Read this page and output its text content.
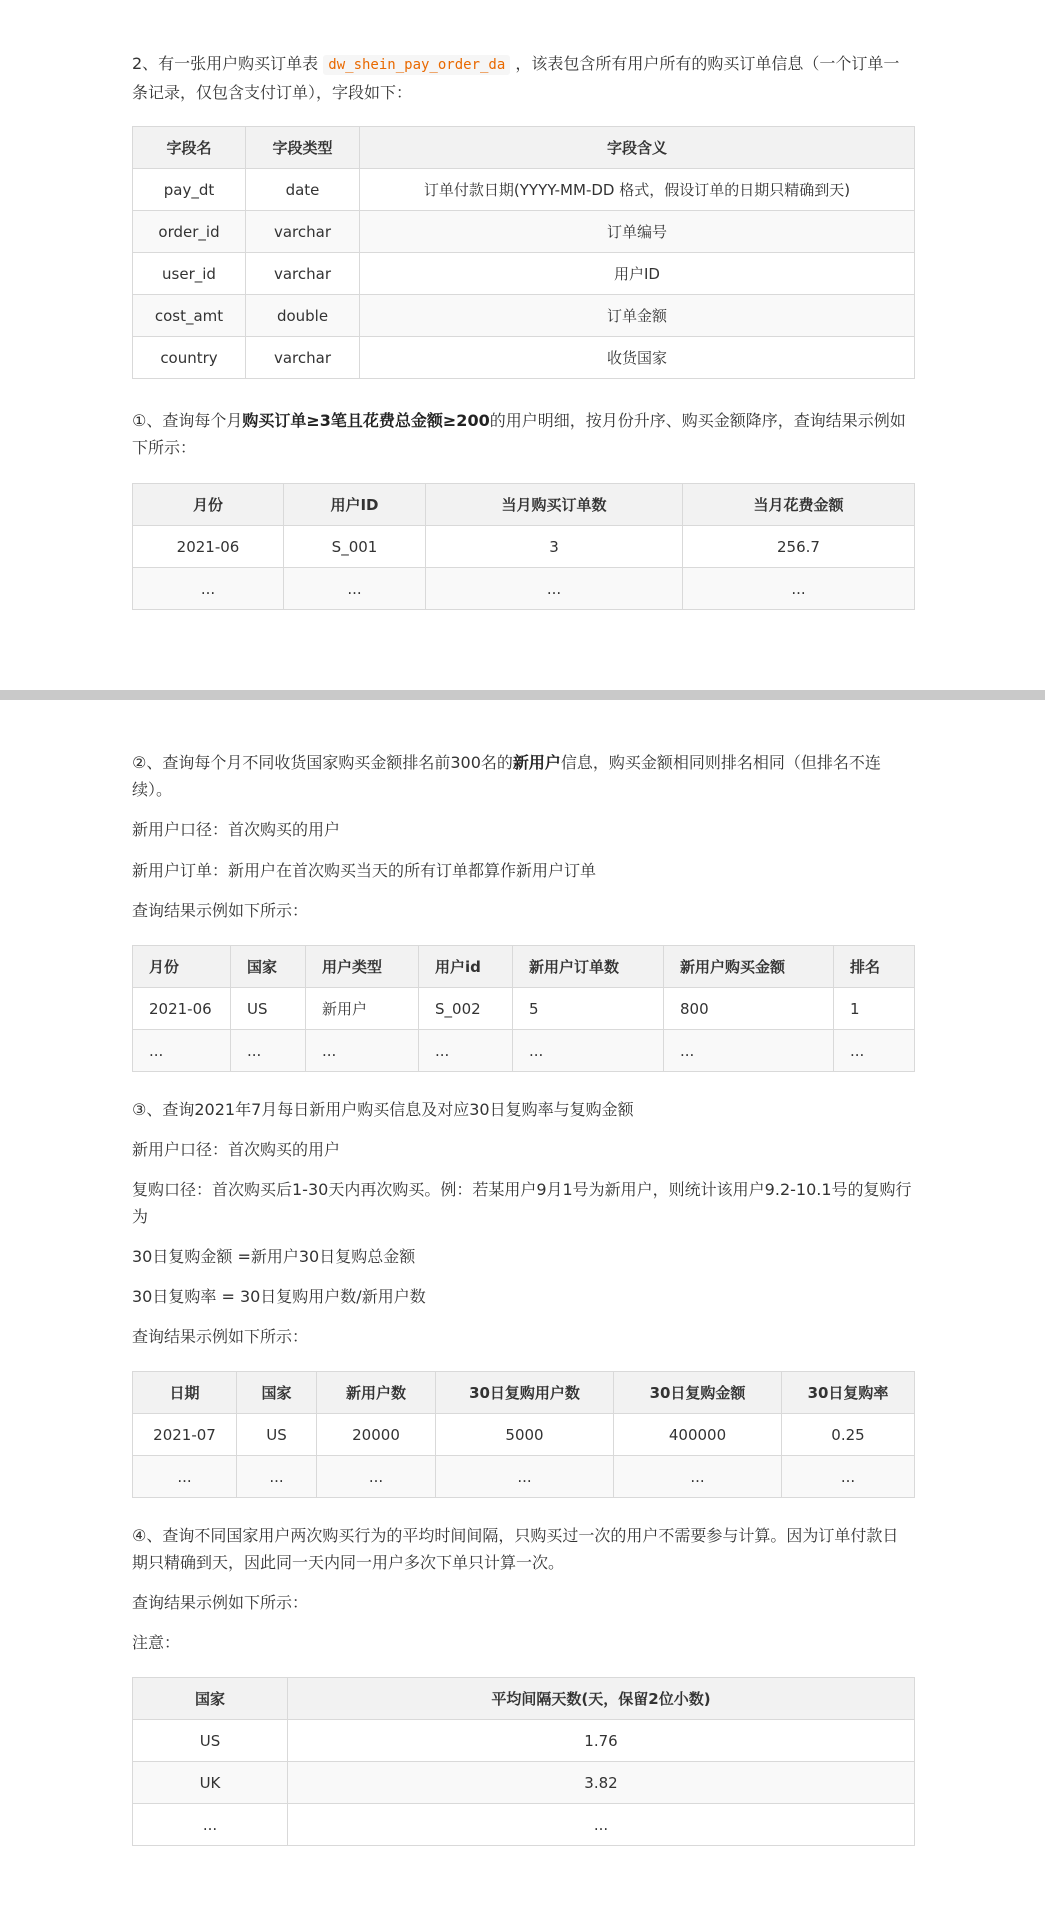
2、有一张用户购买订单表 dw_shein_pay_order_da ，该表包含所有用户所有的购买订单信息（一个订单一条记录，仅包含支付订单），字段如下：
字段名	字段类型	字段含义
pay_dt	date	订单付款日期(YYYY-MM-DD 格式，假设订单的日期只精确到天)
order_id	varchar	订单编号
user_id	varchar	用户ID
cost_amt	double	订单金额
country	varchar	收货国家
①、查询每个月购买订单≥3笔且花费总金额≥200的用户明细，按月份升序、购买金额降序，查询结果示例如下所示：
月份	用户ID	当月购买订单数	当月花费金额
2021-06	S_001	3	256.7
...	...	...	...
②、查询每个月不同收货国家购买金额排名前300名的新用户信息，购买金额相同则排名相同（但排名不连续）。
新用户口径：首次购买的用户
新用户订单：新用户在首次购买当天的所有订单都算作新用户订单
查询结果示例如下所示：
月份	国家	用户类型	用户id	新用户订单数	新用户购买金额	排名
2021-06	US	新用户	S_002	5	800	1
...	...	...	...	...	...	...
③、查询2021年7月每日新用户购买信息及对应30日复购率与复购金额
新用户口径：首次购买的用户
复购口径：首次购买后1-30天内再次购买。例：若某用户9月1号为新用户，则统计该用户9.2-10.1号的复购行为
30日复购金额 =新用户30日复购总金额
30日复购率 = 30日复购用户数/新用户数
查询结果示例如下所示：
日期	国家	新用户数	30日复购用户数	30日复购金额	30日复购率
2021-07	US	20000	5000	400000	0.25
...	...	...	...	...	...
④、查询不同国家用户两次购买行为的平均时间间隔，只购买过一次的用户不需要参与计算。因为订单付款日期只精确到天，因此同一天内同一用户多次下单只计算一次。
查询结果示例如下所示：
注意：
国家	平均间隔天数(天，保留2位小数)
US	1.76
UK	3.82
...	...
